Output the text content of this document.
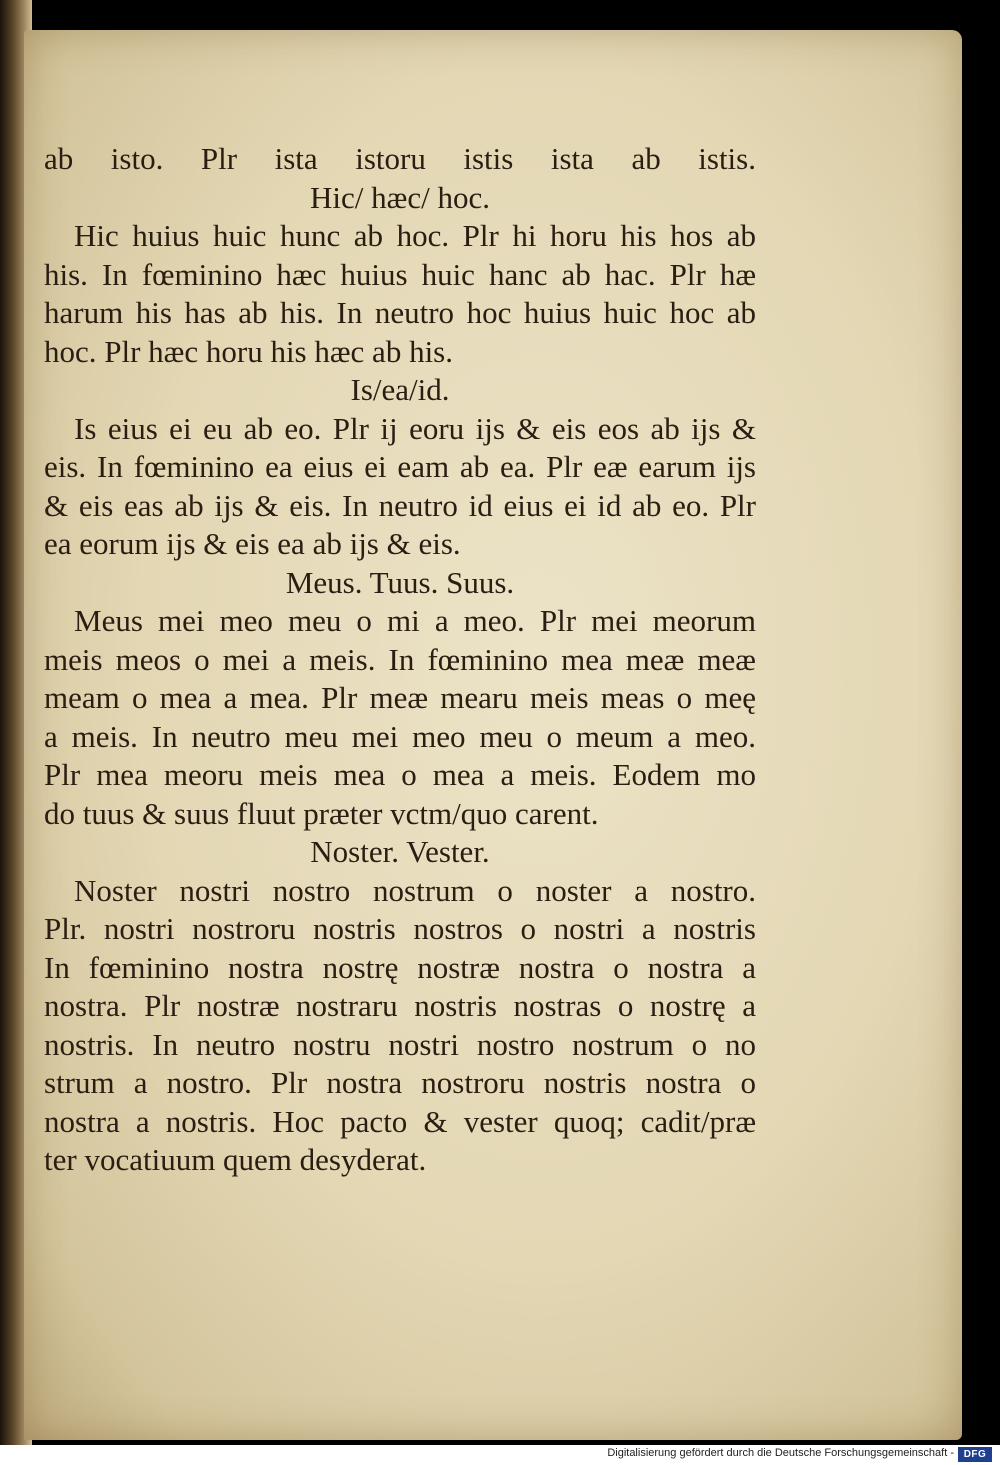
ab isto. Plr ista istoru istis ista ab istis.
Hic/ hæc/ hoc.
Hic huius huic hunc ab hoc. Plr hi horu his hos ab
his. In fœminino hæc huius huic hanc ab hac. Plr hæ
harum his has ab his. In neutro hoc huius huic hoc ab
hoc. Plr hæc horu his hæc ab his.
Is/ea/id.
Is eius ei eu ab eo. Plr ij eoru ijs & eis eos ab ijs &
eis. In fœminino ea eius ei eam ab ea. Plr eæ earum ijs
& eis eas ab ijs & eis. In neutro id eius ei id ab eo. Plr
ea eorum ijs & eis ea ab ijs & eis.
Meus. Tuus. Suus.
Meus mei meo meu o mi a meo. Plr mei meorum
meis meos o mei a meis. In fœminino mea meæ meæ
meam o mea a mea. Plr meæ mearu meis meas o meę
a meis. In neutro meu mei meo meu o meum a meo.
Plr mea meoru meis mea o mea a meis. Eodem mo
do tuus & suus fluut præter vctm/quo carent.
Noster. Vester.
Noster nostri nostro nostrum o noster a nostro.
Plr. nostri nostroru nostris nostros o nostri a nostris
In fœminino nostra nostrę nostræ nostra o nostra a
nostra. Plr nostræ nostraru nostris nostras o nostrę a
nostris. In neutro nostru nostri nostro nostrum o no
strum a nostro. Plr nostra nostroru nostris nostra o
nostra a nostris. Hoc pacto & vester quoq; cadit/præ
ter vocatiuum quem desyderat.
Digitalisierung gefördert durch die Deutsche Forschungsgemeinschaft - DFG
